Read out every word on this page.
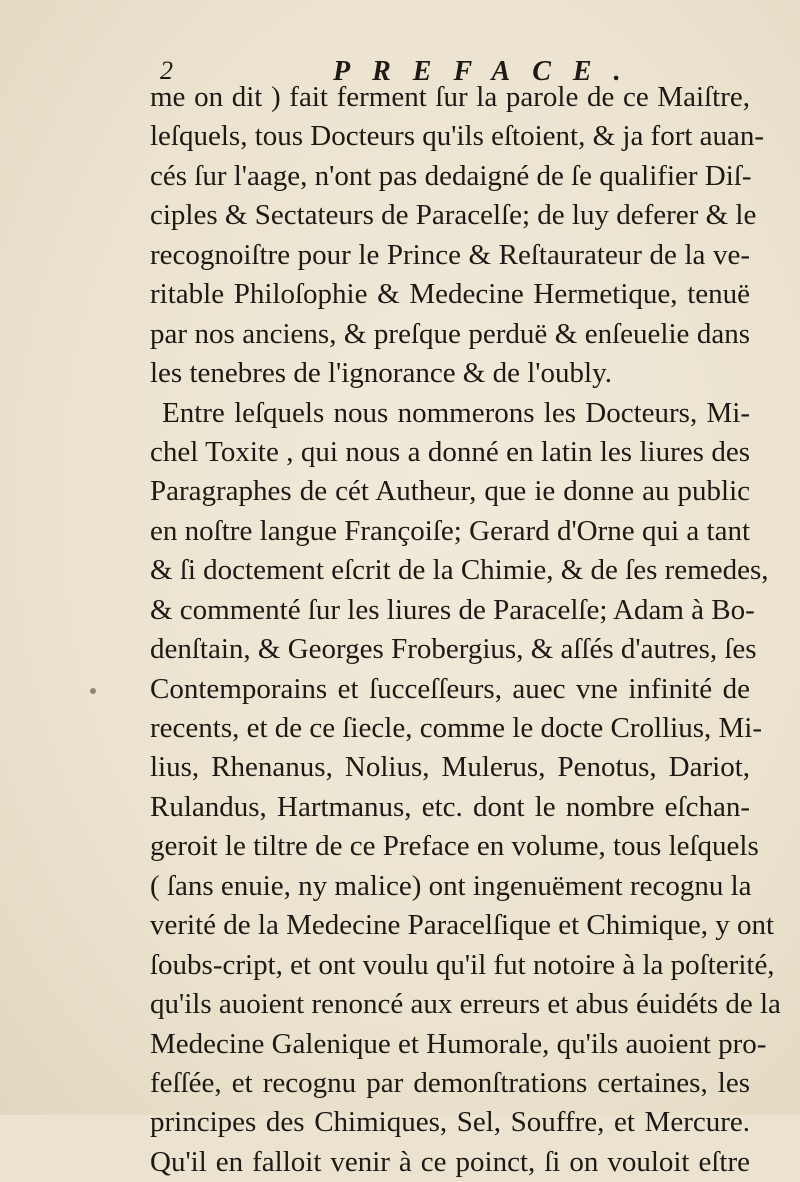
2	PREFACE.
me on dit ) fait ferment ſur la parole de ce Maiſtre,
leſquels, tous Docteurs qu'ils eſtoient, & ja fort auan-
cés ſur l'aage, n'ont pas dedaigné de ſe qualifier Diſ-
ciples & Sectateurs de Paracelſe; de luy deferer & le
recognoiſtre pour le Prince & Reſtaurateur de la ve-
ritable Philoſophie & Medecine Hermetique, tenuë
par nos anciens, & preſque perduë & enſeuelie dans
les tenebres de l'ignorance & de l'oubly.
Entre leſquels nous nommerons les Docteurs, Mi-
chel Toxite , qui nous a donné en latin les liures des
Paragraphes de cét Autheur, que ie donne au public
en noſtre langue Françoiſe; Gerard d'Orne qui a tant
& ſi doctement eſcrit de la Chimie, & de ſes remedes,
& commenté ſur les liures de Paracelſe; Adam à Bo-
denſtain, & Georges Frobergius, & aſſés d'autres, ſes
Contemporains et ſucceſſeurs, auec vne infinité de
recents, et de ce ſiecle, comme le docte Crollius, Mi-
lius, Rhenanus, Nolius, Mulerus, Penotus, Dariot,
Rulandus, Hartmanus, etc. dont le nombre eſchan-
geroit le tiltre de ce Preface en volume, tous leſquels
( ſans enuie, ny malice) ont ingenuëment recognu la
verité de la Medecine Paracelſique et Chimique, y ont
ſoubs-cript, et ont voulu qu'il fut notoire à la poſterité,
qu'ils auoient renoncé aux erreurs et abus éuidéts de la
Medecine Galenique et Humorale, qu'ils auoient pro-
feſſée, et recognu par demonſtrations certaines, les
principes des Chimiques, Sel, Souffre, et Mercure.
Qu'il en falloit venir à ce poinct, ſi on vouloit eſtre
